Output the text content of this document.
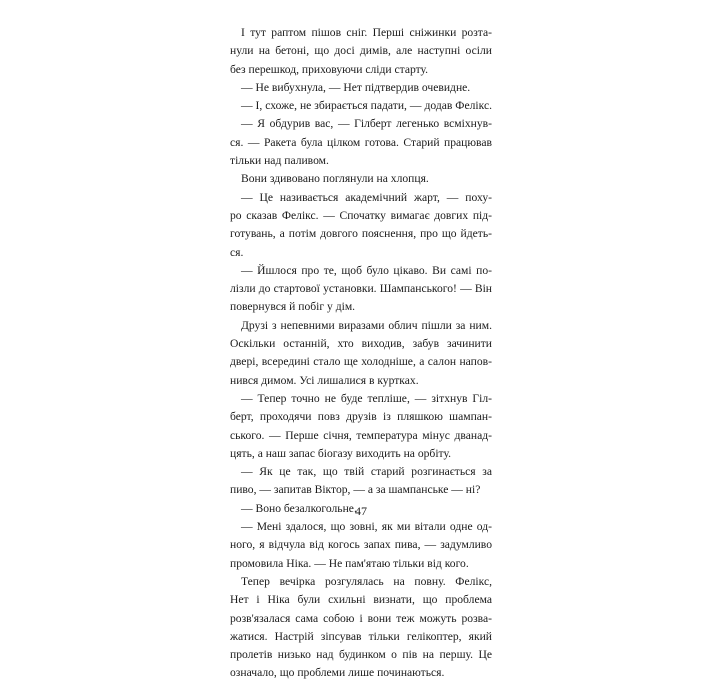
І тут раптом пішов сніг. Перші сніжинки розта-
нули на бетоні, що досі димів, але наступні осіли
без перешкод, приховуючи сліди старту.
— Не вибухнула, — Нет підтвердив очевидне.
— І, схоже, не збирається падати, — додав Фелікс.
— Я обдурив вас, — Гілберт легенько всміхнув-
ся. — Ракета була цілком готова. Старий працював
тільки над паливом.
Вони здивовано поглянули на хлопця.
— Це називається академічний жарт, — поху-
ро сказав Фелікс. — Спочатку вимагає довгих під-
готувань, а потім довгого пояснення, про що йдеть-
ся.
— Йшлося про те, щоб було цікаво. Ви самі по-
лізли до стартової установки. Шампанського! — Він
повернувся й побіг у дім.
Друзі з непевними виразами облич пішли за ним.
Оскільки останній, хто виходив, забув зачинити
двері, всередині стало ще холодніше, а салон напов-
нився димом. Усі лишалися в куртках.
— Тепер точно не буде тепліше, — зітхнув Гіл-
берт, проходячи повз друзів із пляшкою шампан-
ського. — Перше січня, температура мінус дванад-
цять, а наш запас біогазу виходить на орбіту.
— Як це так, що твій старий розгинається за
пиво, — запитав Віктор, — а за шампанське — ні?
— Воно безалкогольне.
— Мені здалося, що зовні, як ми вітали одне од-
ного, я відчула від когось запах пива, — задумливо
промовила Ніка. — Не пам'ятаю тільки від кого.
Тепер вечірка розгулялась на повну. Фелікс,
Нет і Ніка були схильні визнати, що проблема
розв'язалася сама собою і вони теж можуть розва-
жатися. Настрій зіпсував тільки гелікоптер, який
пролетів низько над будинком о пів на першу. Це
означало, що проблеми лише починаються.
47
